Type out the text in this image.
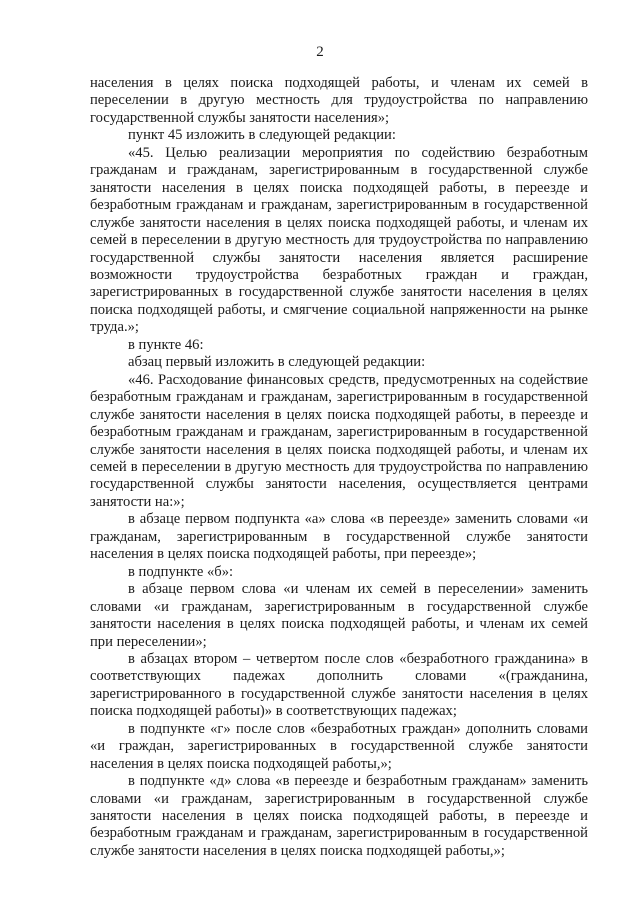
2

населения в целях поиска подходящей работы, и членам их семей в переселении в другую местность для трудоустройства по направлению государственной службы занятости населения»;

пункт 45 изложить в следующей редакции:

«45. Целью реализации мероприятия по содействию безработным гражданам и гражданам, зарегистрированным в государственной службе занятости населения в целях поиска подходящей работы, в переезде и безработным гражданам и гражданам, зарегистрированным в государственной службе занятости населения в целях поиска подходящей работы, и членам их семей в переселении в другую местность для трудоустройства по направлению государственной службы занятости населения является расширение возможности трудоустройства безработных граждан и граждан, зарегистрированных в государственной службе занятости населения в целях поиска подходящей работы, и смягчение социальной напряженности на рынке труда.»;

в пункте 46:

абзац первый изложить в следующей редакции:

«46. Расходование финансовых средств, предусмотренных на содействие безработным гражданам и гражданам, зарегистрированным в государственной службе занятости населения в целях поиска подходящей работы, в переезде и безработным гражданам и гражданам, зарегистрированным в государственной службе занятости населения в целях поиска подходящей работы, и членам их семей в переселении в другую местность для трудоустройства по направлению государственной службы занятости населения, осуществляется центрами занятости на:»;

в абзаце первом подпункта «а» слова «в переезде» заменить словами «и гражданам, зарегистрированным в государственной службе занятости населения в целях поиска подходящей работы, при переезде»;

в подпункте «б»:

в абзаце первом слова «и членам их семей в переселении» заменить словами «и гражданам, зарегистрированным в государственной службе занятости населения в целях поиска подходящей работы, и членам их семей при переселении»;

в абзацах втором – четвертом после слов «безработного гражданина» в соответствующих падежах дополнить словами «(гражданина, зарегистрированного в государственной службе занятости населения в целях поиска подходящей работы)» в соответствующих падежах;

в подпункте «г» после слов «безработных граждан» дополнить словами «и граждан, зарегистрированных в государственной службе занятости населения в целях поиска подходящей работы,»;

в подпункте «д» слова «в переезде и безработным гражданам» заменить словами «и гражданам, зарегистрированным в государственной службе занятости населения в целях поиска подходящей работы, в переезде и безработным гражданам и гражданам, зарегистрированным в государственной службе занятости населения в целях поиска подходящей работы,»;
